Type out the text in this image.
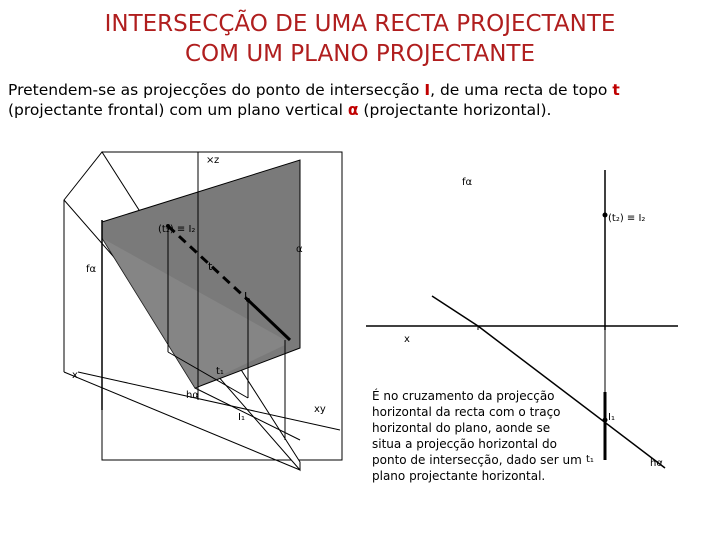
INTERSECÇÃO DE UMA RECTA PROJECTANTE
COM UM PLANO PROJECTANTE
Pretendem-se as projecções do ponto de intersecção I, de uma recta de topo t (projectante frontal) com um plano vertical α (projectante horizontal).
z
×
fα
(t₂) ≡ I₂
α
t
I
x	t₁
hα
I₁
xy
fα
(t₂) ≡ I₂
x
I₁
t₁	hα
É no cruzamento da projecção horizontal da recta com o traço horizontal do plano, aonde se situa a projecção horizontal do ponto de intersecção, dado ser um plano projectante horizontal.
